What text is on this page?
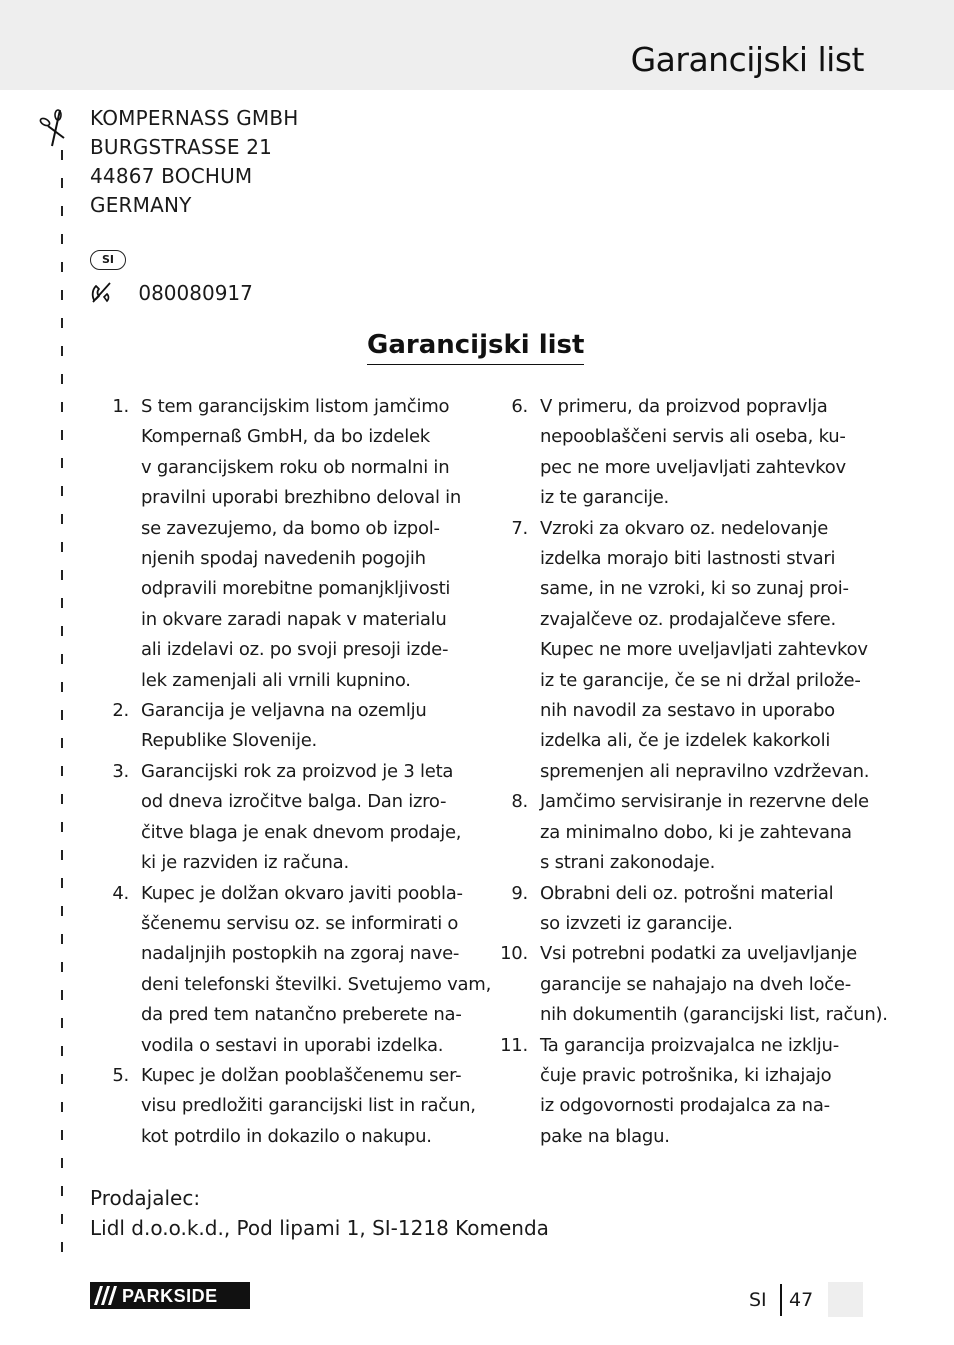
Garancijski list
KOMPERNASS GMBH
BURGSTRASSE 21
44867 BOCHUM
GERMANY
SI
080080917
Garancijski list
1. S tem garancijskim listom jamčimo
Kompernaß GmbH, da bo izdelek
v garancijskem roku ob normalni in
pravilni uporabi brezhibno deloval in
se zavezujemo, da bomo ob izpol-
njenih spodaj navedenih pogojih
odpravili morebitne pomanjkljivosti
in okvare zaradi napak v materialu
ali izdelavi oz. po svoji presoji izde-
lek zamenjali ali vrnili kupnino.
2. Garancija je veljavna na ozemlju
Republike Slovenije.
3. Garancijski rok za proizvod je 3 leta
od dneva izročitve balga. Dan izro-
čitve blaga je enak dnevom prodaje,
ki je razviden iz računa.
4. Kupec je dolžan okvaro javiti poobla-
ščenemu servisu oz. se informirati o
nadaljnjih postopkih na zgoraj nave-
deni telefonski številki. Svetujemo vam,
da pred tem natančno preberete na-
vodila o sestavi in uporabi izdelka.
5. Kupec je dolžan pooblaščenemu ser-
visu predložiti garancijski list in račun,
kot potrdilo in dokazilo o nakupu.
6. V primeru, da proizvod popravlja
nepooblaščeni servis ali oseba, ku-
pec ne more uveljavljati zahtevkov
iz te garancije.
7. Vzroki za okvaro oz. nedelovanje
izdelka morajo biti lastnosti stvari
same, in ne vzroki, ki so zunaj proi-
zvajalčeve oz. prodajalčeve sfere.
Kupec ne more uveljavljati zahtevkov
iz te garancije, če se ni držal prilože-
nih navodil za sestavo in uporabo
izdelka ali, če je izdelek kakorkoli
spremenjen ali nepravilno vzdrževan.
8. Jamčimo servisiranje in rezervne dele
za minimalno dobo, ki je zahtevana
s strani zakonodaje.
9. Obrabni deli oz. potrošni material
so izvzeti iz garancije.
10. Vsi potrebni podatki za uveljavljanje
garancije se nahajajo na dveh loče-
nih dokumentih (garancijski list, račun).
11. Ta garancija proizvajalca ne izklju-
čuje pravic potrošnika, ki izhajajo
iz odgovornosti prodajalca za na-
pake na blagu.
Prodajalec:
Lidl d.o.o.k.d., Pod lipami 1, SI-1218 Komenda
PARKSIDE	SI 47
